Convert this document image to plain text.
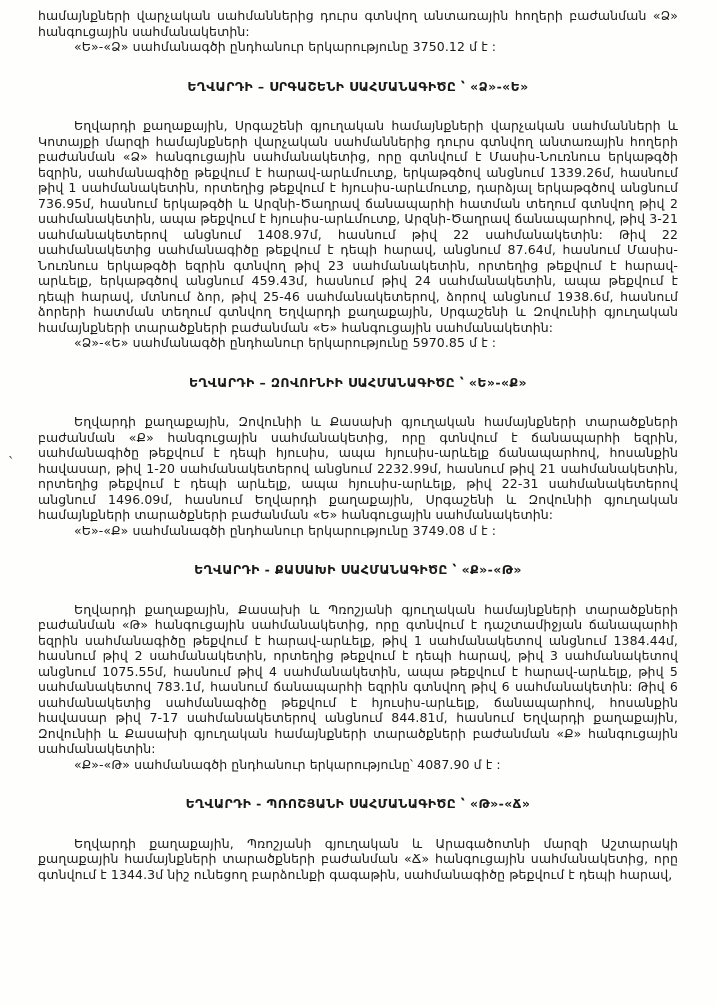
համայնքների վարչական սահմաններից դուրս գտնվող անտառային հողերի բաժանման «Ձ» հանգուցային սահմանակետին:

«Ե»-«Ձ» սահմանագծի ընդհանուր երկարությունը 3750.12 մ է :

ԵՂՎԱՐԴԻ – ՍՐԳԱՇԵՆԻ ՍԱՀՄԱՆԱԳԻԾԸ ՝ «Ձ»-«Ե»

Եղվարդի քաղաքային, Սրգաշենի գյուղական համայնքների վարչական սահմանների և Կոտայքի մարզի համայնքների վարչական սահմաններից դուրս գտնվող անտառային հողերի բաժանման «Ձ» հանգուցային սահմանակետից, որը գտնվում է Մասիս-Նուռնուս երկաթգծի եզրին, սահմանագիծը թեքվում է հարավ-արևմուտք, երկաթգծով անցնում 1339.26մ, հասնում թիվ 1 սահմանակետին, որտեղից թեքվում է հյուսիս-արևմուտք, դարձյալ երկաթգծով անցնում 736.95մ, հասնում երկաթգծի և Արզնի-Ծաղրավ ճանապարհի հատման տեղում գտնվող թիվ 2 սահմանակետին, ապա թեքվում է հյուսիս-արևմուտք, Արզնի-Ծաղրավ ճանապարհով, թիվ 3-21 սահմանակետերով անցնում 1408.97մ, հասնում թիվ 22 սահմանակետին: Թիվ 22 սահմանակետից սահմանագիծը թեքվում է դեպի հարավ, անցնում 87.64մ, հասնում Մասիս-Նուռնուս երկաթգծի եզրին գտնվող թիվ 23 սահմանակետին, որտեղից թեքվում է հարավ-արևելք, երկաթգծով անցնում 459.43մ, հասնում թիվ 24 սահմանակետին, ապա թեքվում է դեպի հարավ, մտնում ձոր, թիվ 25-46 սահմանակետերով, ձորով անցնում 1938.6մ, հասնում ձորերի հատման տեղում գտնվող Եղվարդի քաղաքային, Սրգաշենի և Զովունիի գյուղական համայնքների տարածքների բաժանման «Ե» հանգուցային սահմանակետին:

«Ձ»-«Ե» սահմանագծի ընդհանուր երկարությունը 5970.85 մ է :

ԵՂՎԱՐԴԻ – ԶՈՎՈՒՆԻԻ ՍԱՀՄԱՆԱԳԻԾԸ ՝ «Ե»-«Ք»

Եղվարդի քաղաքային, Զովունիի և Քասախի գյուղական համայնքների տարածքների բաժանման «Ք» հանգուցային սահմանակետից, որը գտնվում է ճանապարհի եզրին, սահմանագիծը թեքվում է դեպի հյուսիս, ապա հյուսիս-արևելք ճանապարհով, հոսանքին հավասար, թիվ 1-20 սահմանակետերով անցնում 2232.99մ, հասնում թիվ 21 սահմանակետին, որտեղից թեքվում է դեպի արևելք, ապա հյուսիս-արևելք, թիվ 22-31 սահմանակետերով անցնում 1496.09մ, հասնում Եղվարդի քաղաքային, Սրգաշենի և Զովունիի գյուղական համայնքների տարածքների բաժանման «Ե» հանգուցային սահմանակետին:

«Ե»-«Ք» սահմանագծի ընդհանուր երկարությունը 3749.08 մ է :

ԵՂՎԱՐԴԻ - ՔԱՍԱԽԻ ՍԱՀՄԱՆԱԳԻԾԸ ՝ «Ք»-«Թ»

Եղվարդի քաղաքային, Քասախի և Պռոշյանի գյուղական համայնքների տարածքների բաժանման «Թ» հանգուցային սահմանակետից, որը գտնվում է դաշտամիջյան ճանապարհի եզրին սահմանագիծը թեքվում է հարավ-արևելք, թիվ 1 սահմանակետով անցնում 1384.44մ, հասնում թիվ 2 սահմանակետին, որտեղից թեքվում է դեպի հարավ, թիվ 3 սահմանակետով անցնում 1075.55մ, հասնում թիվ 4 սահմանակետին, ապա թեքվում է հարավ-արևելք, թիվ 5 սահմանակետով 783.1մ, հասնում ճանապարհի եզրին գտնվող թիվ 6 սահմանակետին: Թիվ 6 սահմանակետից սահմանագիծը թեքվում է հյուսիս-արևելք, ճանապարհով, հոսանքին հավասար թիվ 7-17 սահմանակետերով անցնում 844.81մ, հասնում Եղվարդի քաղաքային, Զովունիի և Քասախի գյուղական համայնքների տարածքների բաժանման «Ք» հանգուցային սահմանակետին:

«Ք»-«Թ» սահմանագծի ընդհանուր երկարությունը՝ 4087.90 մ է :

ԵՂՎԱՐԴԻ - ՊՌՈՇՅԱՆԻ ՍԱՀՄԱՆԱԳԻԾԸ ՝ «Թ»-«Ճ»

Եղվարդի քաղաքային, Պռոշյանի գյուղական և Արագածոտնի մարզի Աշտարակի քաղաքային համայնքների տարածքների բաժանման «Ճ» հանգուցային սահմանակետից, որը գտնվում է 1344.3մ նիշ ունեցող բարձունքի գագաթին, սահմանագիծը թեքվում է դեպի հարավ,

`
